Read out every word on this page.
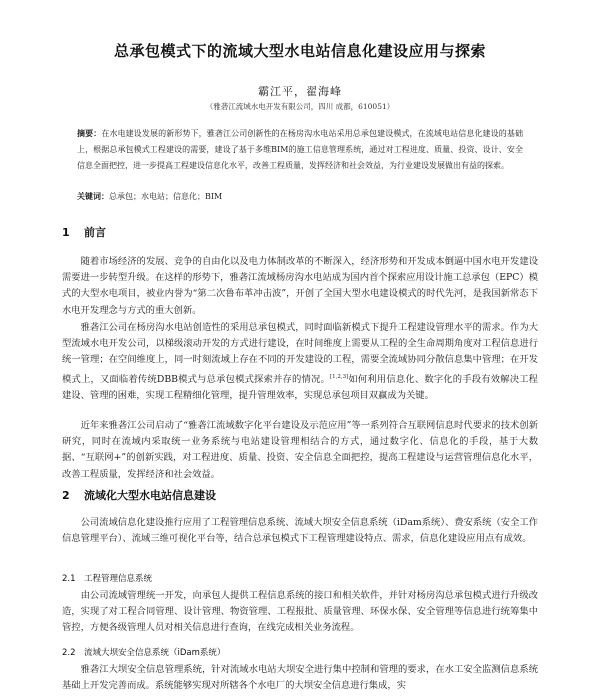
总承包模式下的流域大型水电站信息化建设应用与探索
霸江平，翟海峰
（雅砻江流域水电开发有限公司，四川 成都，610051）
摘要：在水电建设发展的新形势下，雅砻江公司创新性的在杨房沟水电站采用总承包建设模式，在流域电站信息化建设的基础上，根据总承包模式工程建设的需要，建设了基于多维BIM的施工信息管理系统，通过对工程进度、质量、投资、设计、安全信息全面把控，进一步提高工程建设信息化水平，改善工程质量，发挥经济和社会效益，为行业建设发展做出有益的探索。
关键词：总承包；水电站；信息化；BIM
1 前言
随着市场经济的发展、竞争的自由化以及电力体制改革的不断深入，经济形势和开发成本倒逼中国水电开发建设需要进一步转型升级。在这样的形势下，雅砻江流域杨房沟水电站成为国内首个探索应用设计施工总承包（EPC）模式的大型水电项目，被业内誉为“第二次鲁布革冲击波”，开创了全国大型水电建设模式的时代先河，是我国新常态下水电开发理念与方式的重大创新。
雅砻江公司在杨房沟水电站创造性的采用总承包模式，同时面临新模式下提升工程建设管理水平的需求。作为大型流域水电开发公司，以梯级滚动开发的方式进行建设，在时间维度上需要从工程的全生命周期角度对工程信息进行统一管理；在空间维度上，同一时刻流域上存在不同的开发建设的工程，需要全流域协同分散信息集中管理；在开发模式上，又面临着传统DBB模式与总承包模式探索并存的情况。[1,2,3]如何利用信息化、数字化的手段有效解决工程建设、管理的困难，实现工程精细化管理，提升管理效率，实现总承包项目双赢成为关键。
近年来雅砻江公司启动了“雅砻江流域数字化平台建设及示范应用”等一系列符合互联网信息时代要求的技术创新研究，同时在流域内采取统一业务系统与电站建设管理相结合的方式，通过数字化、信息化的手段，基于大数据、“互联网+”的创新实践，对工程进度、质量、投资、安全信息全面把控，提高工程建设与运营管理信息化水平，改善工程质量，发挥经济和社会效益。
2 流域化大型水电站信息建设
公司流域信息化建设推行应用了工程管理信息系统、流域大坝安全信息系统（iDam系统）、费安系统（安全工作信息管理平台）、流域三维可视化平台等，结合总承包模式下工程管理建设特点、需求，信息化建设应用点有成效。
2.1 工程管理信息系统
由公司流域管理统一开发，向承包人提供工程信息系统的接口和相关软件，并针对杨房沟总承包模式进行升级改造，实现了对工程合同管理、设计管理、物资管理、工程报批、质量管理、环保水保、安全管理等信息进行统筹集中管控，方便各级管理人员对相关信息进行查询，在线完成相关业务流程。
2.2 流域大坝安全信息系统（iDam系统）
雅砻江大坝安全信息管理系统，针对流域水电站大坝安全进行集中控制和管理的要求，在水工安全监测信息系统基础上开发完善而成。系统能够实现对所辖各个水电厂的大坝安全信息进行集成，实
